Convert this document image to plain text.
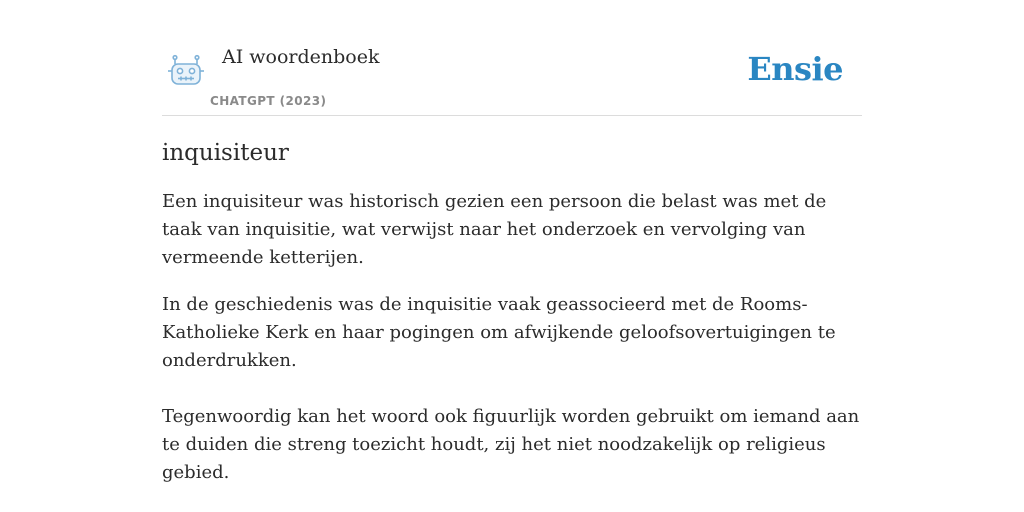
AI woordenboek
CHATGPT (2023)
Ensie
inquisiteur

Een inquisiteur was historisch gezien een persoon die belast was met de taak van inquisitie, wat verwijst naar het onderzoek en vervolging van vermeende ketterijen.

In de geschiedenis was de inquisitie vaak geassocieerd met de Rooms-Katholieke Kerk en haar pogingen om afwijkende geloofsovertuigingen te onderdrukken.

Tegenwoordig kan het woord ook figuurlijk worden gebruikt om iemand aan te duiden die streng toezicht houdt, zij het niet noodzakelijk op religieus gebied.
